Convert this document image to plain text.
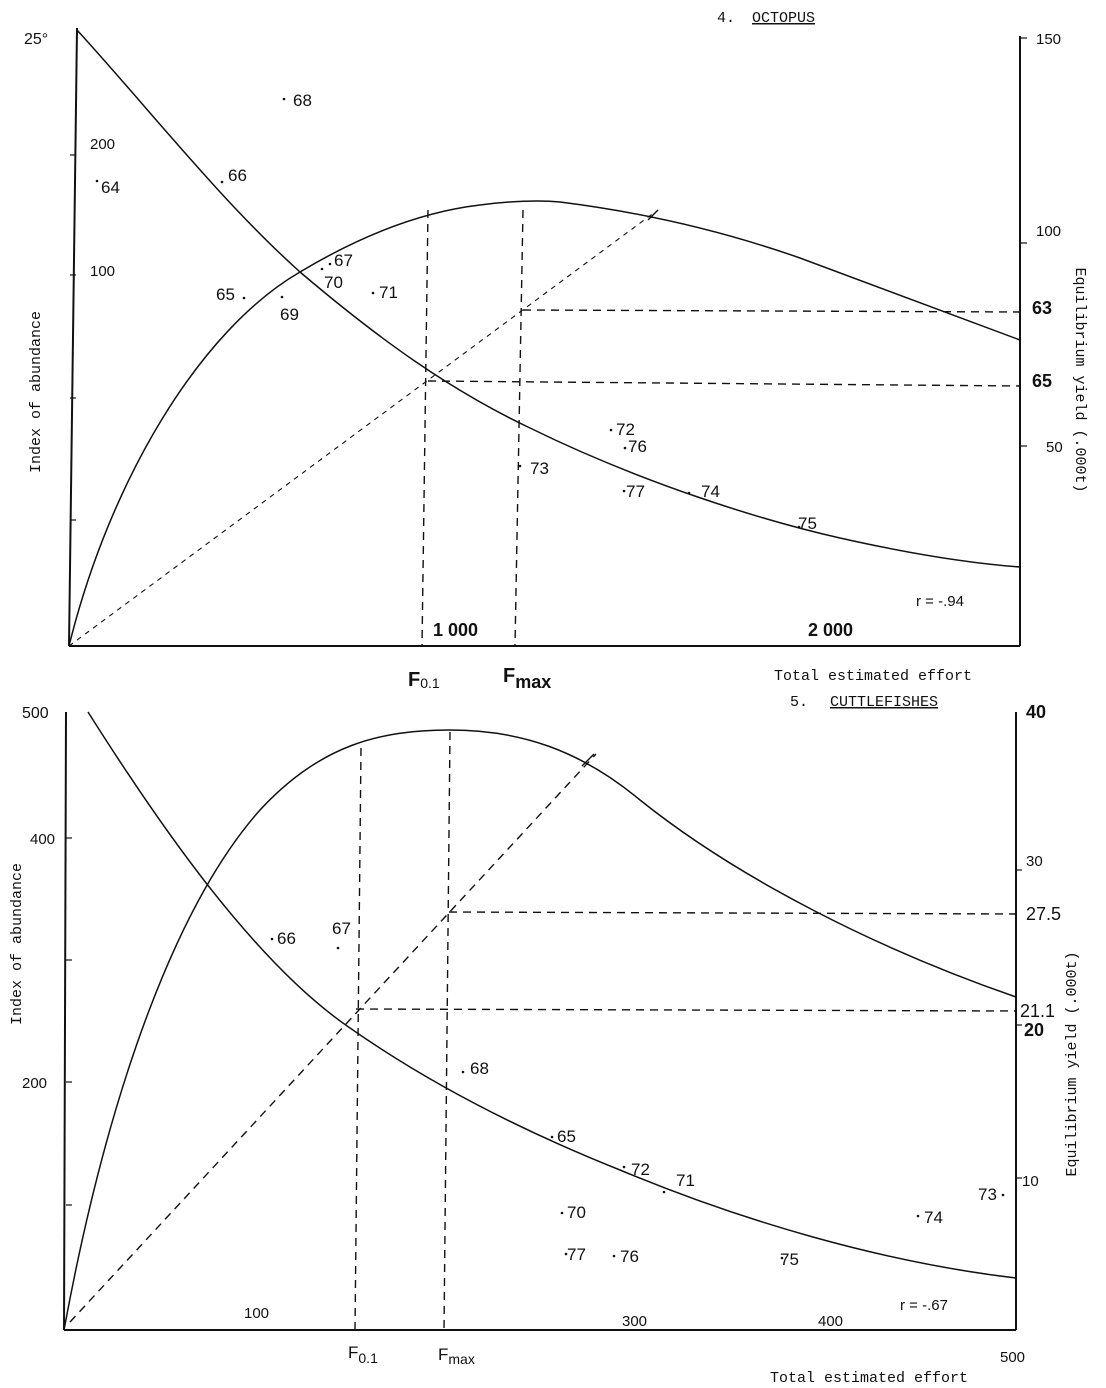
4. OCTOPUS
25°
200
100
Index of abundance
150
100
50 Equilibrium yield (.000t)
63
65
1 000	2 000
F0.1	Fmax	Total estimated effort
r = -.94
64
65
66
67
68
69
70
71
72
73
74
75
76
77
5. CUTTLEFISHES
500
400
200
Index of abundance
40
30
20
10
Equilibrium yield (.000t)
27.5
21.1
100	300	400
500
$F_{0.1}$	$F_{max}$
Total estimated effort
r = -.67
65
66
67
68
70
71
72
73
74
75
76
77
